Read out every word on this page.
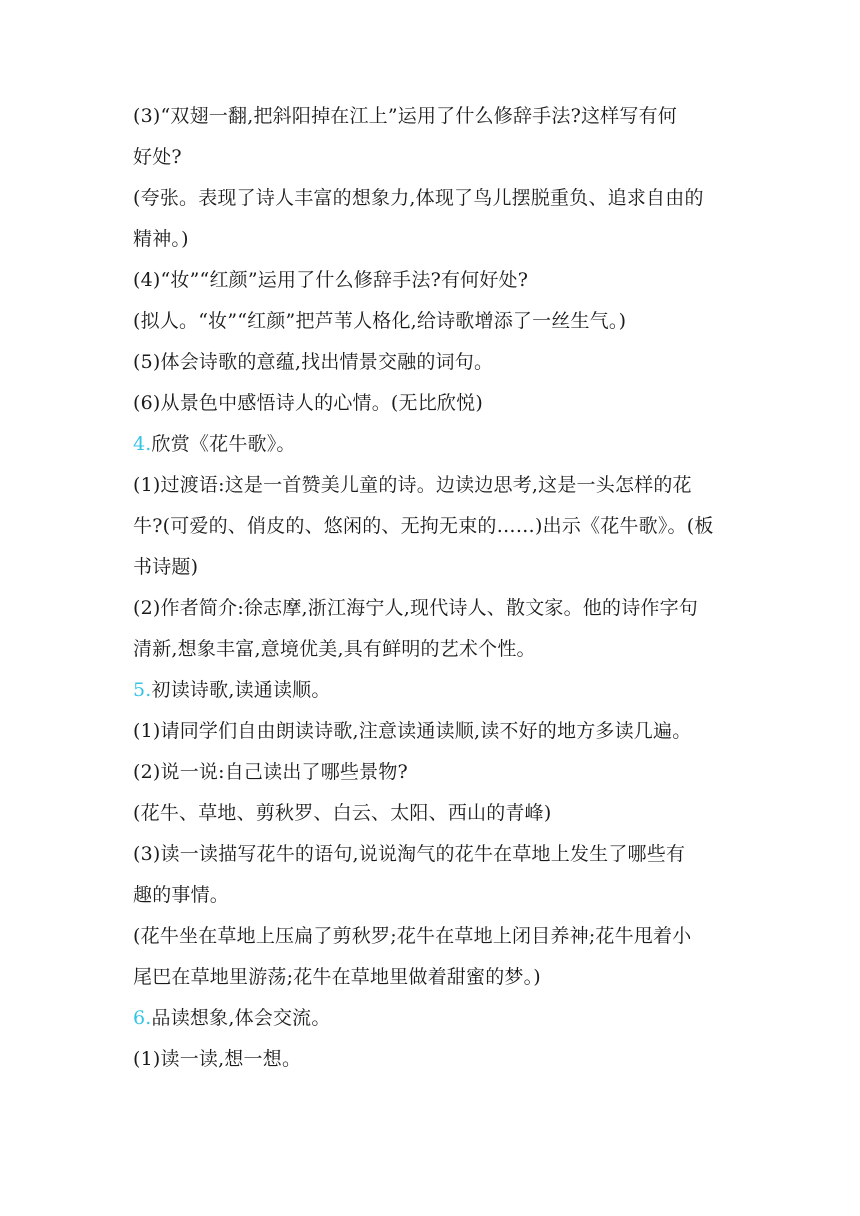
(3)“双翅一翻,把斜阳掉在江上”运用了什么修辞手法?这样写有何
好处?
(夸张。表现了诗人丰富的想象力,体现了鸟儿摆脱重负、追求自由的
精神。)
(4)“妆”“红颜”运用了什么修辞手法?有何好处?
(拟人。“妆”“红颜”把芦苇人格化,给诗歌增添了一丝生气。)
(5)体会诗歌的意蕴,找出情景交融的词句。
(6)从景色中感悟诗人的心情。(无比欣悦)
4.欣赏《花牛歌》。
(1)过渡语:这是一首赞美儿童的诗。边读边思考,这是一头怎样的花
牛?(可爱的、俏皮的、悠闲的、无拘无束的……)出示《花牛歌》。(板
书诗题)
(2)作者简介:徐志摩,浙江海宁人,现代诗人、散文家。他的诗作字句
清新,想象丰富,意境优美,具有鲜明的艺术个性。
5.初读诗歌,读通读顺。
(1)请同学们自由朗读诗歌,注意读通读顺,读不好的地方多读几遍。
(2)说一说:自己读出了哪些景物?
(花牛、草地、剪秋罗、白云、太阳、西山的青峰)
(3)读一读描写花牛的语句,说说淘气的花牛在草地上发生了哪些有
趣的事情。
(花牛坐在草地上压扁了剪秋罗;花牛在草地上闭目养神;花牛甩着小
尾巴在草地里游荡;花牛在草地里做着甜蜜的梦。)
6.品读想象,体会交流。
(1)读一读,想一想。
